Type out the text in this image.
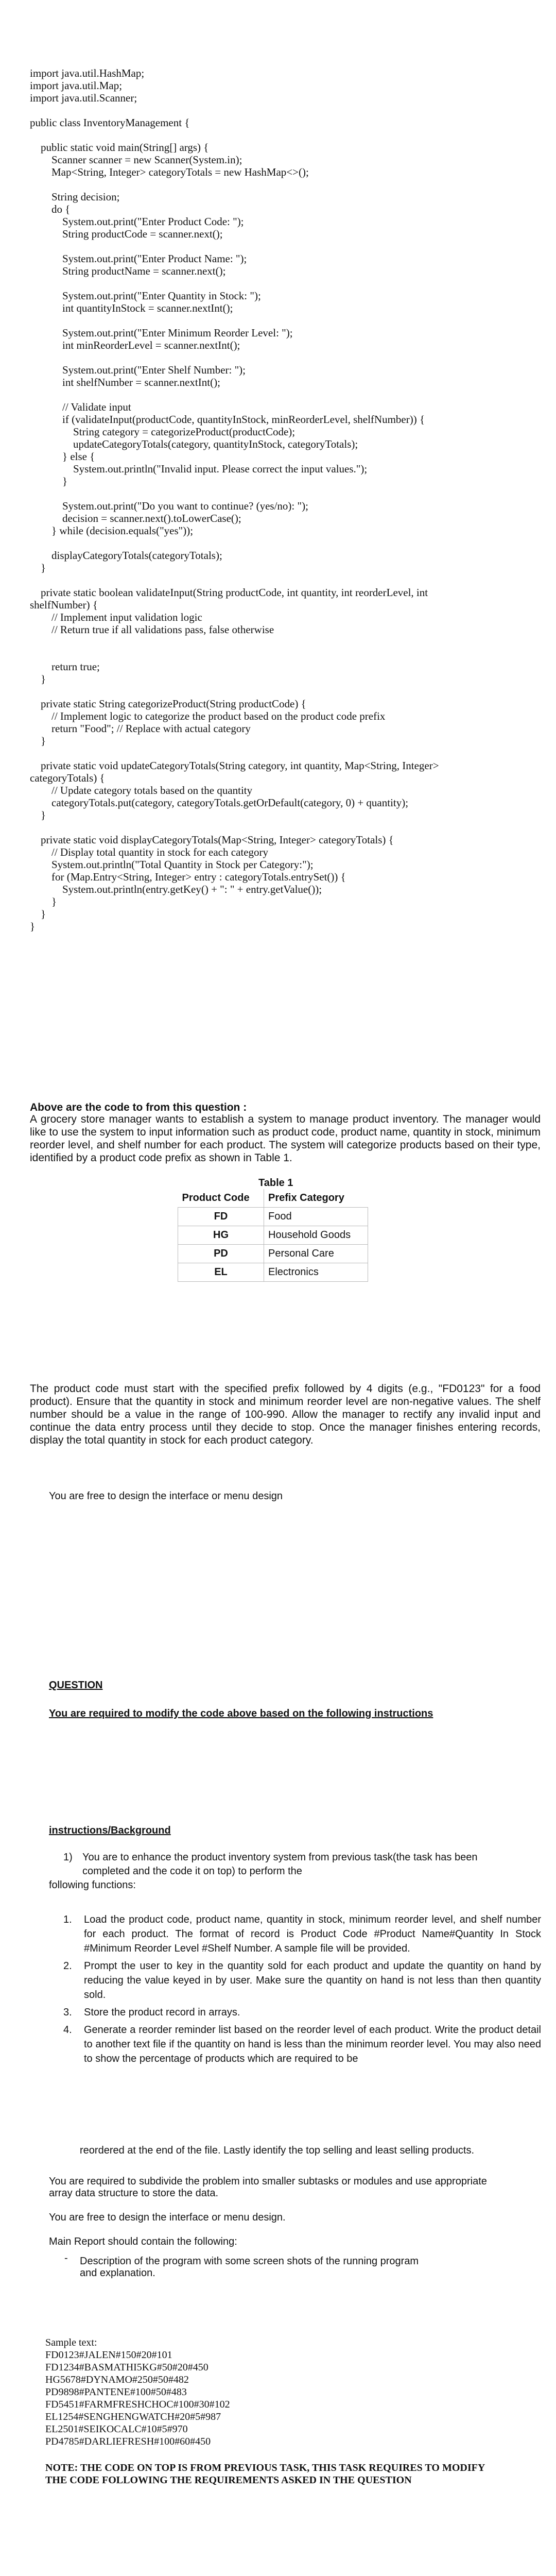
import java.util.HashMap;
import java.util.Map;
import java.util.Scanner;
public class InventoryManagement {
public static void main(String[] args) {
Scanner scanner = new Scanner(System.in);
Map<String, Integer> categoryTotals = new HashMap<>();
String decision;
do {
System.out.print("Enter Product Code: ");
String productCode = scanner.next();
System.out.print("Enter Product Name: ");
String productName = scanner.next();
System.out.print("Enter Quantity in Stock: ");
int quantityInStock = scanner.nextInt();
System.out.print("Enter Minimum Reorder Level: ");
int minReorderLevel = scanner.nextInt();
System.out.print("Enter Shelf Number: ");
int shelfNumber = scanner.nextInt();
// Validate input
if (validateInput(productCode, quantityInStock, minReorderLevel, shelfNumber)) {
String category = categorizeProduct(productCode);
updateCategoryTotals(category, quantityInStock, categoryTotals);
} else {
System.out.println("Invalid input. Please correct the input values.");
}
System.out.print("Do you want to continue? (yes/no): ");
decision = scanner.next().toLowerCase();
} while (decision.equals("yes"));
displayCategoryTotals(categoryTotals);
}
private static boolean validateInput(String productCode, int quantity, int reorderLevel, int
shelfNumber) {
// Implement input validation logic
// Return true if all validations pass, false otherwise
return true;
}
private static String categorizeProduct(String productCode) {
// Implement logic to categorize the product based on the product code prefix
return "Food"; // Replace with actual category
}
private static void updateCategoryTotals(String category, int quantity, Map<String, Integer>
categoryTotals) {
// Update category totals based on the quantity
categoryTotals.put(category, categoryTotals.getOrDefault(category, 0) + quantity);
}
private static void displayCategoryTotals(Map<String, Integer> categoryTotals) {
// Display total quantity in stock for each category
System.out.println("Total Quantity in Stock per Category:");
for (Map.Entry<String, Integer> entry : categoryTotals.entrySet()) {
System.out.println(entry.getKey() + ": " + entry.getValue());
}
}
}
Above are the code to from this question :
A grocery store manager wants to establish a system to manage product inventory. The manager would like to use the system to input information such as product code, product name, quantity in stock, minimum reorder level, and shelf number for each product. The system will categorize products based on their type, identified by a product code prefix as shown in Table 1.
Table 1
Product Code	Prefix Category
FD	Food
HG	Household Goods
PD	Personal Care
EL	Electronics
The product code must start with the specified prefix followed by 4 digits (e.g., "FD0123" for a food product). Ensure that the quantity in stock and minimum reorder level are non-negative values. The shelf number should be a value in the range of 100-990. Allow the manager to rectify any invalid input and continue the data entry process until they decide to stop. Once the manager finishes entering records, display the total quantity in stock for each product category.
You are free to design the interface or menu design
QUESTION
You are required to modify the code above based on the following instructions
instructions/Background
1) You are to enhance the product inventory system from previous task(the task has been
completed and the code it on top) to perform the
following functions:
1. Load the product code, product name, quantity in stock, minimum reorder level, and shelf number for each product. The format of record is Product Code #Product Name#Quantity In Stock #Minimum Reorder Level #Shelf Number. A sample file will be provided.
2. Prompt the user to key in the quantity sold for each product and update the quantity on hand by reducing the value keyed in by user. Make sure the quantity on hand is not less than then quantity sold.
3. Store the product record in arrays.
4. Generate a reorder reminder list based on the reorder level of each product. Write the product detail to another text file if the quantity on hand is less than the minimum reorder level. You may also need to show the percentage of products which are required to be
reordered at the end of the file. Lastly identify the top selling and least selling products.
You are required to subdivide the problem into smaller subtasks or modules and use appropriate array data structure to store the data.
You are free to design the interface or menu design.
Main Report should contain the following:
- Description of the program with some screen shots of the running program and explanation.
Sample text:
FD0123#JALEN#150#20#101
FD1234#BASMATHI5KG#50#20#450
HG5678#DYNAMO#250#50#482
PD9898#PANTENE#100#50#483
FD5451#FARMFRESHCHOC#100#30#102
EL1254#SENGHENGWATCH#20#5#987
EL2501#SEIKOCALC#10#5#970
PD4785#DARLIEFRESH#100#60#450
NOTE: THE CODE ON TOP IS FROM PREVIOUS TASK, THIS TASK REQUIRES TO MODIFY THE CODE FOLLOWING THE REQUIREMENTS ASKED IN THE QUESTION
